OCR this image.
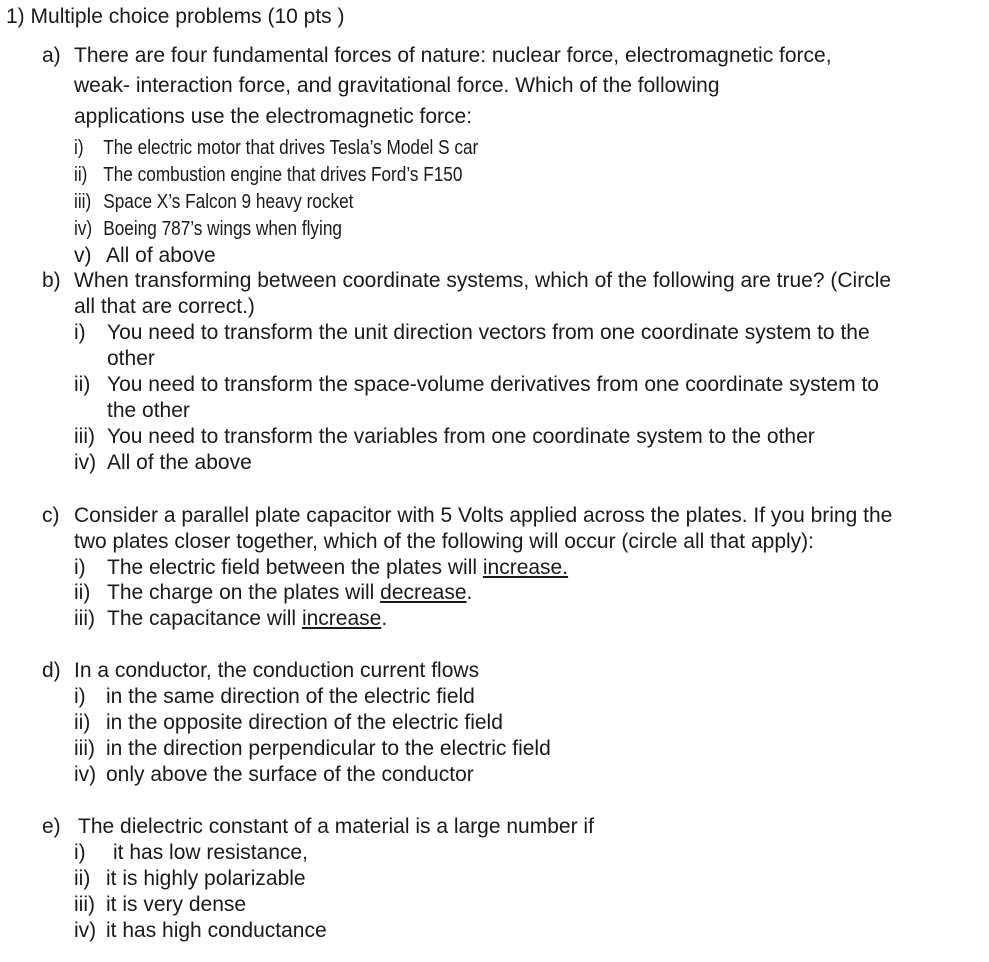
1) Multiple choice problems (10 pts )
a) There are four fundamental forces of nature: nuclear force, electromagnetic force,
weak- interaction force, and gravitational force. Which of the following
applications use the electromagnetic force:
i) The electric motor that drives Tesla’s Model S car
ii) The combustion engine that drives Ford’s F150
iii) Space X’s Falcon 9 heavy rocket
iv) Boeing 787’s wings when flying
v) All of above
b) When transforming between coordinate systems, which of the following are true? (Circle
all that are correct.)
i) You need to transform the unit direction vectors from one coordinate system to the
other
ii) You need to transform the space-volume derivatives from one coordinate system to
the other
iii) You need to transform the variables from one coordinate system to the other
iv) All of the above
c) Consider a parallel plate capacitor with 5 Volts applied across the plates. If you bring the
two plates closer together, which of the following will occur (circle all that apply):
i) The electric field between the plates will increase.
ii) The charge on the plates will decrease.
iii) The capacitance will increase.
d) In a conductor, the conduction current flows
i) in the same direction of the electric field
ii) in the opposite direction of the electric field
iii) in the direction perpendicular to the electric field
iv) only above the surface of the conductor
e) The dielectric constant of a material is a large number if
i) it has low resistance,
ii) it is highly polarizable
iii) it is very dense
iv) it has high conductance
